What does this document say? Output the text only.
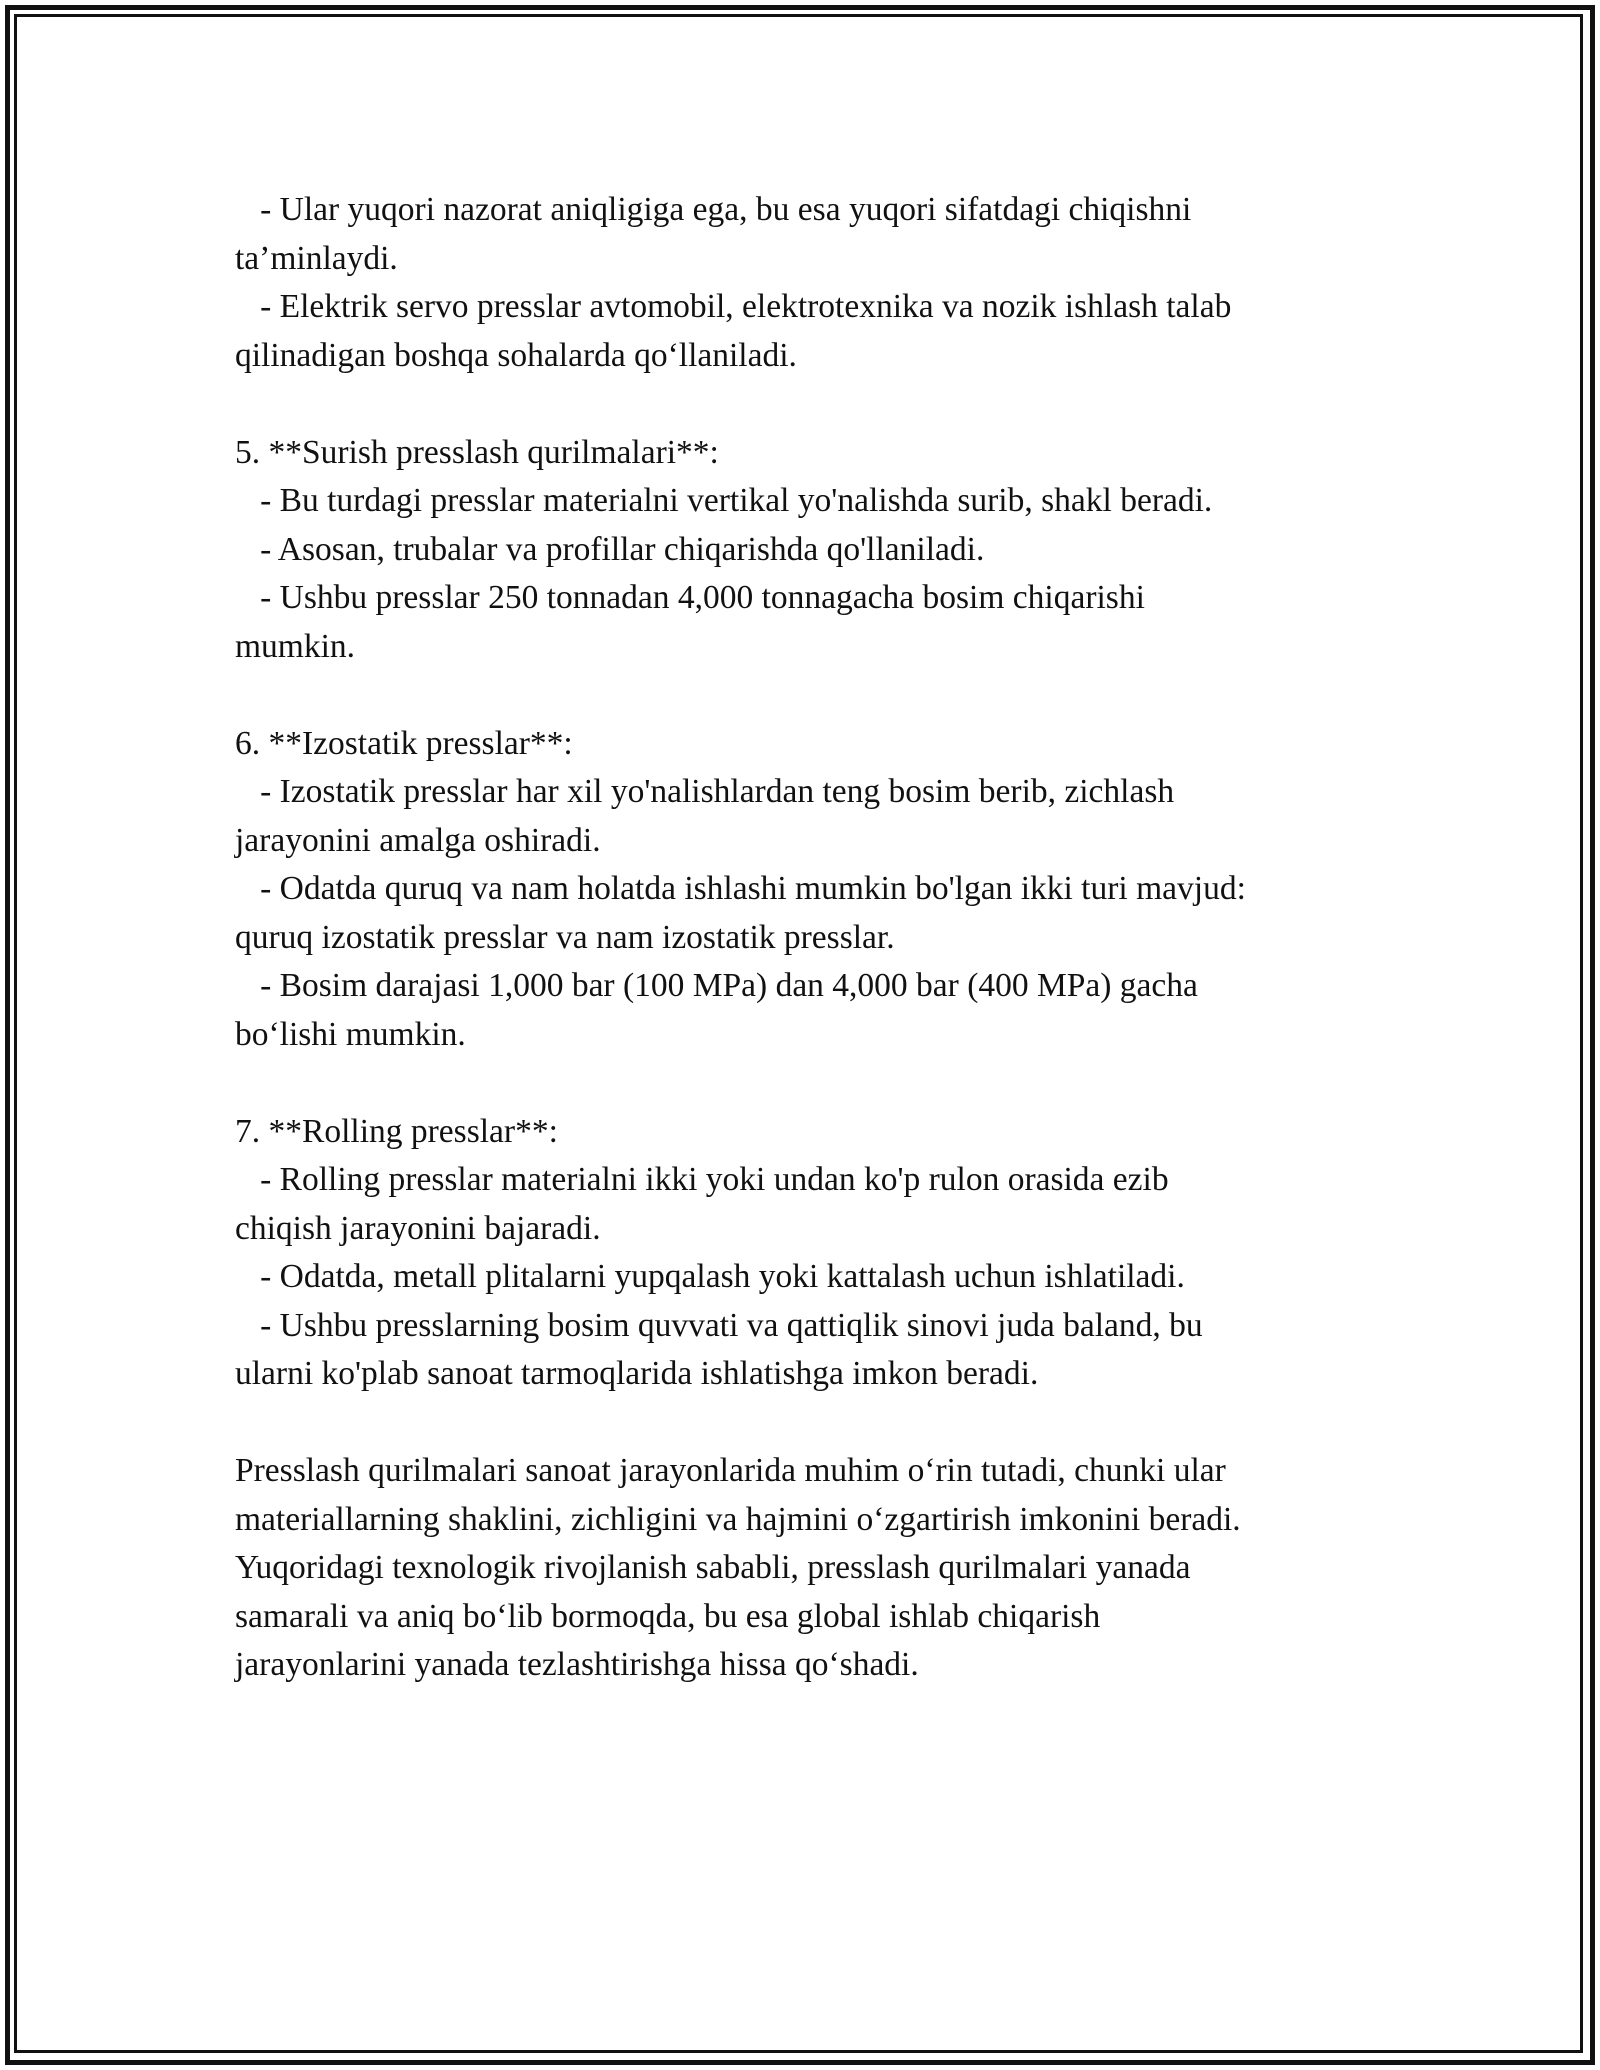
- Ular yuqori nazorat aniqligiga ega, bu esa yuqori sifatdagi chiqishni
ta’minlaydi.
- Elektrik servo presslar avtomobil, elektrotexnika va nozik ishlash talab
qilinadigan boshqa sohalarda qo‘llaniladi.
5. **Surish presslash qurilmalari**:
- Bu turdagi presslar materialni vertikal yo'nalishda surib, shakl beradi.
- Asosan, trubalar va profillar chiqarishda qo'llaniladi.
- Ushbu presslar 250 tonnadan 4,000 tonnagacha bosim chiqarishi
mumkin.
6. **Izostatik presslar**:
- Izostatik presslar har xil yo'nalishlardan teng bosim berib, zichlash
jarayonini amalga oshiradi.
- Odatda quruq va nam holatda ishlashi mumkin bo'lgan ikki turi mavjud:
quruq izostatik presslar va nam izostatik presslar.
- Bosim darajasi 1,000 bar (100 MPa) dan 4,000 bar (400 MPa) gacha
bo‘lishi mumkin.
7. **Rolling presslar**:
- Rolling presslar materialni ikki yoki undan ko'p rulon orasida ezib
chiqish jarayonini bajaradi.
- Odatda, metall plitalarni yupqalash yoki kattalash uchun ishlatiladi.
- Ushbu presslarning bosim quvvati va qattiqlik sinovi juda baland, bu
ularni ko'plab sanoat tarmoqlarida ishlatishga imkon beradi.
Presslash qurilmalari sanoat jarayonlarida muhim o‘rin tutadi, chunki ular
materiallarning shaklini, zichligini va hajmini o‘zgartirish imkonini beradi.
Yuqoridagi texnologik rivojlanish sababli, presslash qurilmalari yanada
samarali va aniq bo‘lib bormoqda, bu esa global ishlab chiqarish
jarayonlarini yanada tezlashtirishga hissa qo‘shadi.
